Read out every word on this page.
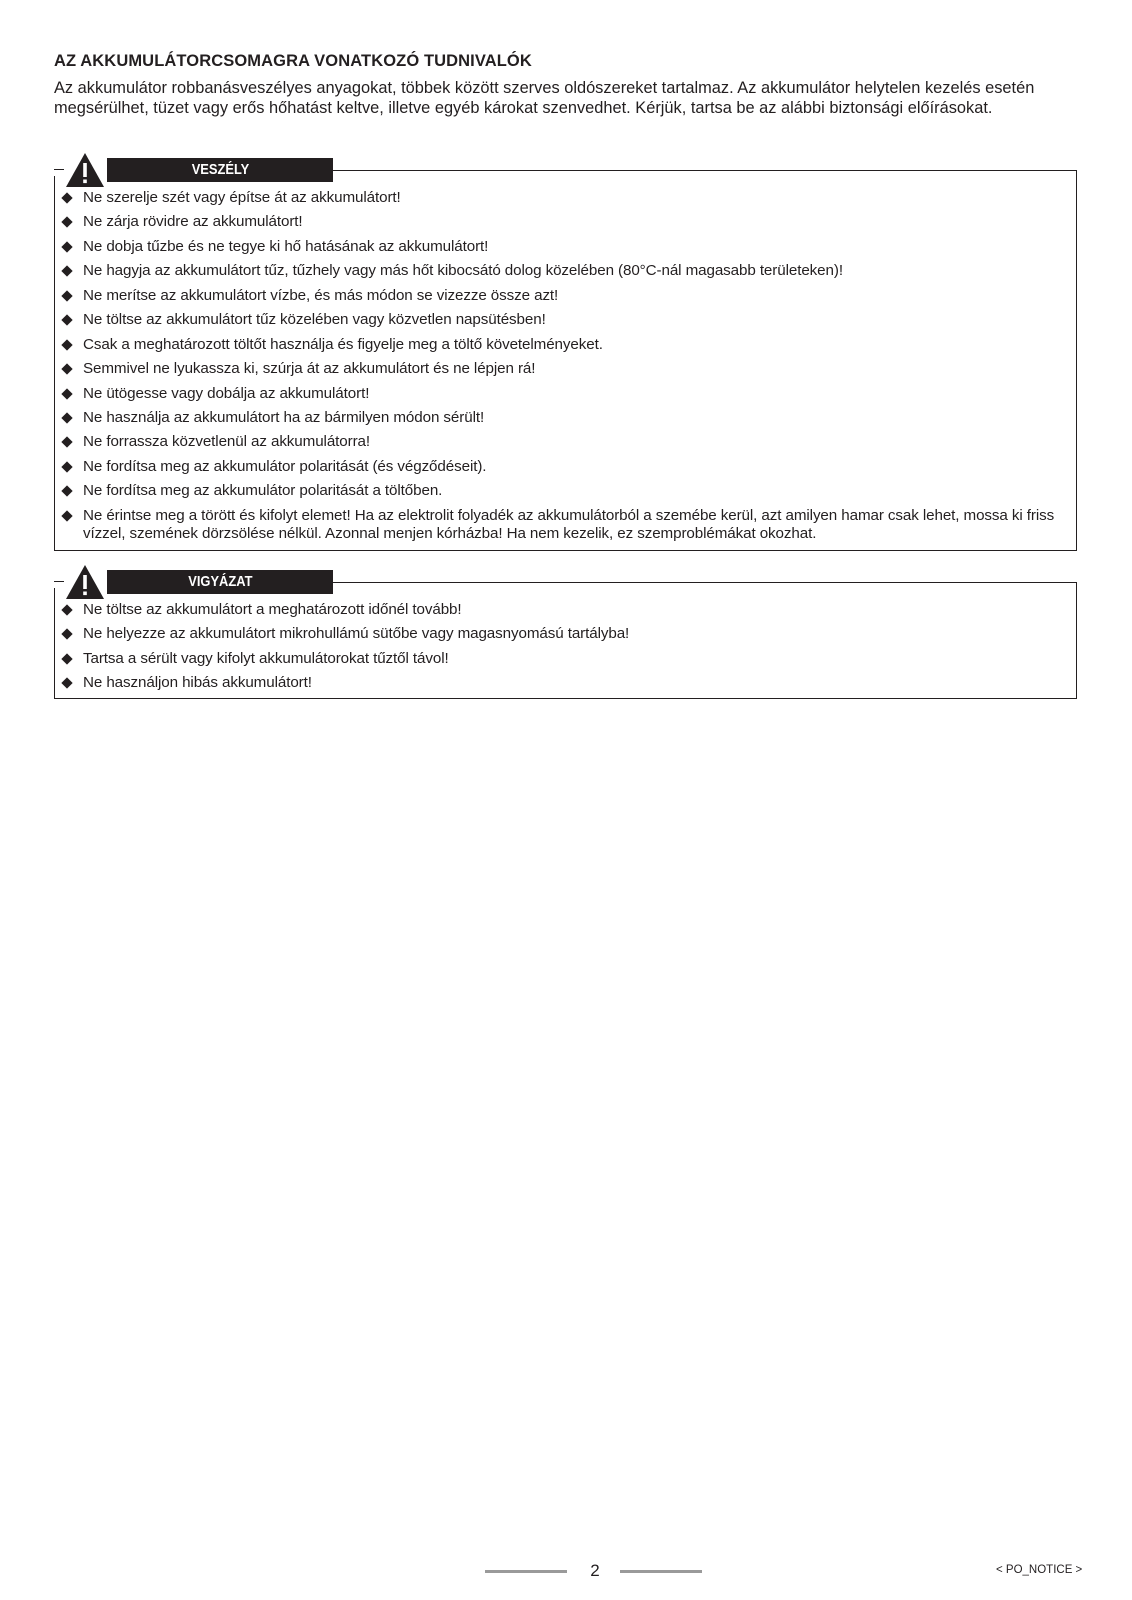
AZ AKKUMULÁTORCSOMAGRA VONATKOZÓ TUDNIVALÓK
Az akkumulátor robbanásveszélyes anyagokat, többek között szerves oldószereket tartalmaz. Az akkumulátor helytelen kezelés esetén megsérülhet, tüzet vagy erős hőhatást keltve, illetve egyéb károkat szenvedhet. Kérjük, tartsa be az alábbi biztonsági előírásokat.
Ne szerelje szét vagy építse át az akkumulátort!
Ne zárja rövidre az akkumulátort!
Ne dobja tűzbe és ne tegye ki hő hatásának az akkumulátort!
Ne hagyja az akkumulátort tűz, tűzhely vagy más hőt kibocsátó dolog közelében (80°C-nál magasabb területeken)!
Ne merítse az akkumulátort vízbe, és más módon se vizezze össze azt!
Ne töltse az akkumulátort tűz közelében vagy közvetlen napsütésben!
Csak a meghatározott töltőt használja és figyelje meg a töltő követelményeket.
Semmivel ne lyukassza ki, szúrja át az akkumulátort és ne lépjen rá!
Ne ütögesse vagy dobálja az akkumulátort!
Ne használja az akkumulátort ha az bármilyen módon sérült!
Ne forrassza közvetlenül az akkumulátorra!
Ne fordítsa meg az akkumulátor polaritását (és végződéseit).
Ne fordítsa meg az akkumulátor polaritását a töltőben.
Ne érintse meg a törött és kifolyt elemet! Ha az elektrolit folyadék az akkumulátorból a szemébe kerül, azt amilyen hamar csak lehet, mossa ki friss vízzel, szemének dörzsölése nélkül. Azonnal menjen kórházba! Ha nem kezelik, ez szemproblémákat okozhat.
VESZÉLY
Ne töltse az akkumulátort a meghatározott időnél tovább!
Ne helyezze az akkumulátort mikrohullámú sütőbe vagy magasnyomású tartályba!
Tartsa a sérült vagy kifolyt akkumulátorokat tűztől távol!
Ne használjon hibás akkumulátort!
VIGYÁZAT
2	< PO_NOTICE >
